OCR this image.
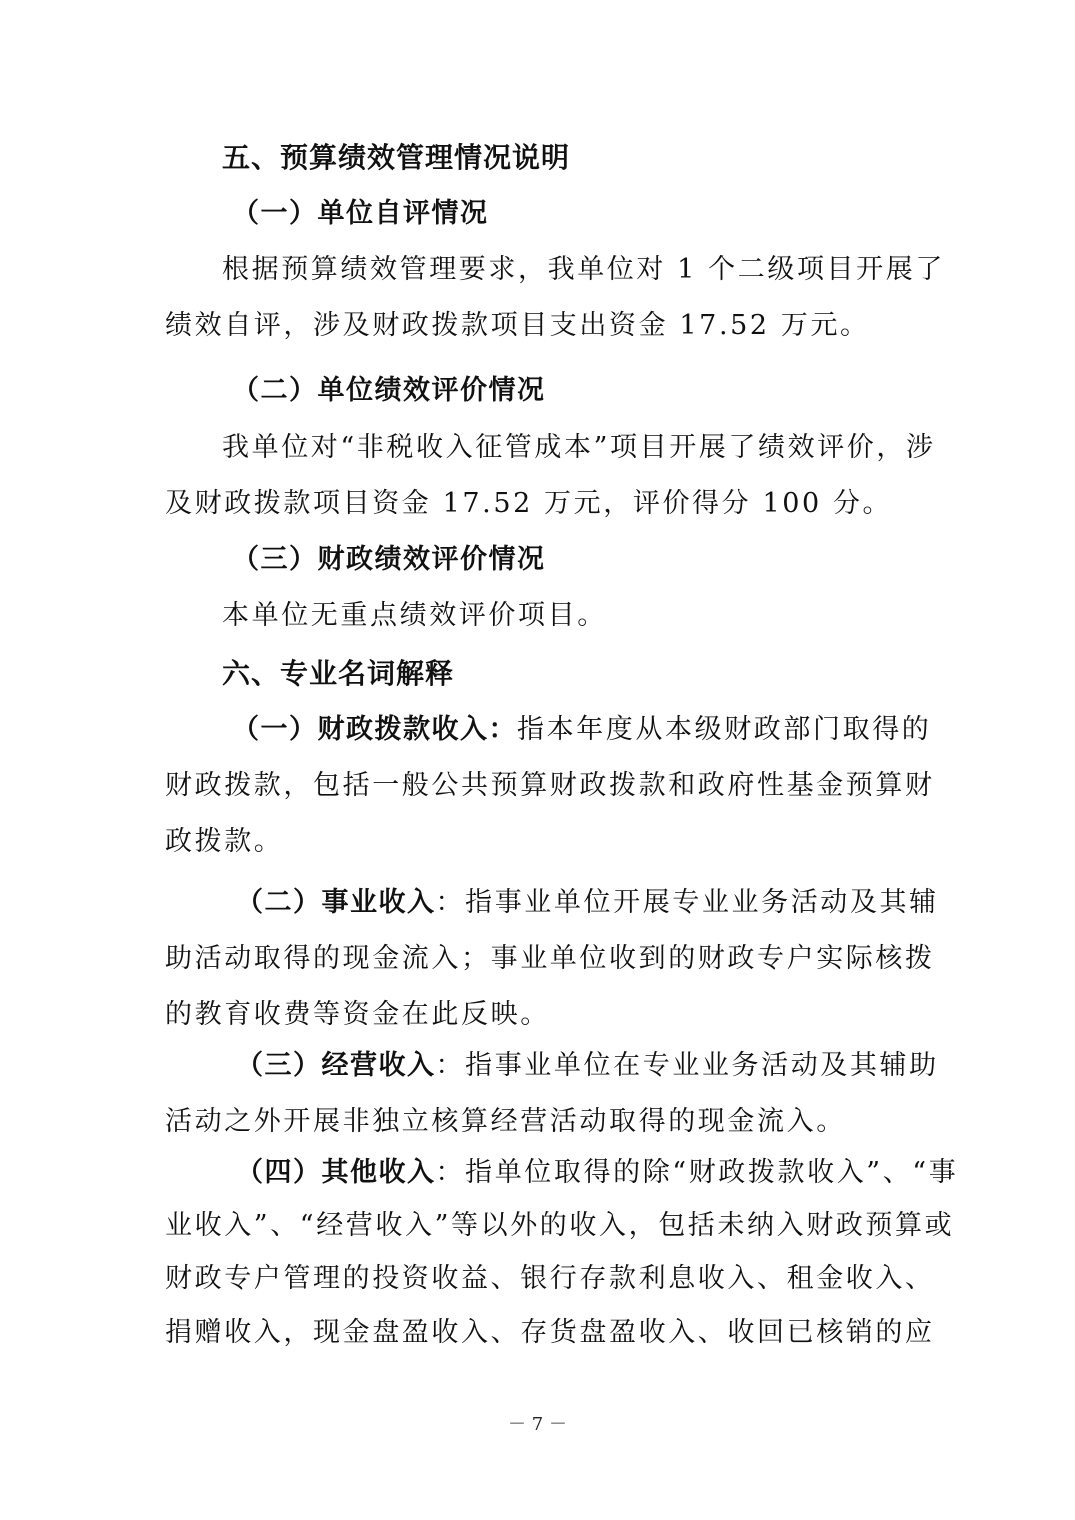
五、预算绩效管理情况说明
（一）单位自评情况
根据预算绩效管理要求，我单位对 1 个二级项目开展了
绩效自评，涉及财政拨款项目支出资金 17.52 万元。
（二）单位绩效评价情况
我单位对“非税收入征管成本”项目开展了绩效评价，涉
及财政拨款项目资金 17.52 万元，评价得分 100 分。
（三）财政绩效评价情况
本单位无重点绩效评价项目。
六、专业名词解释
（一）财政拨款收入：指本年度从本级财政部门取得的
财政拨款，包括一般公共预算财政拨款和政府性基金预算财
政拨款。
（二）事业收入：指事业单位开展专业业务活动及其辅
助活动取得的现金流入；事业单位收到的财政专户实际核拨
的教育收费等资金在此反映。
（三）经营收入：指事业单位在专业业务活动及其辅助
活动之外开展非独立核算经营活动取得的现金流入。
（四）其他收入：指单位取得的除“财政拨款收入”、“事
业收入”、“经营收入”等以外的收入，包括未纳入财政预算或
财政专户管理的投资收益、银行存款利息收入、租金收入、
捐赠收入，现金盘盈收入、存货盘盈收入、收回已核销的应
－ 7 －
